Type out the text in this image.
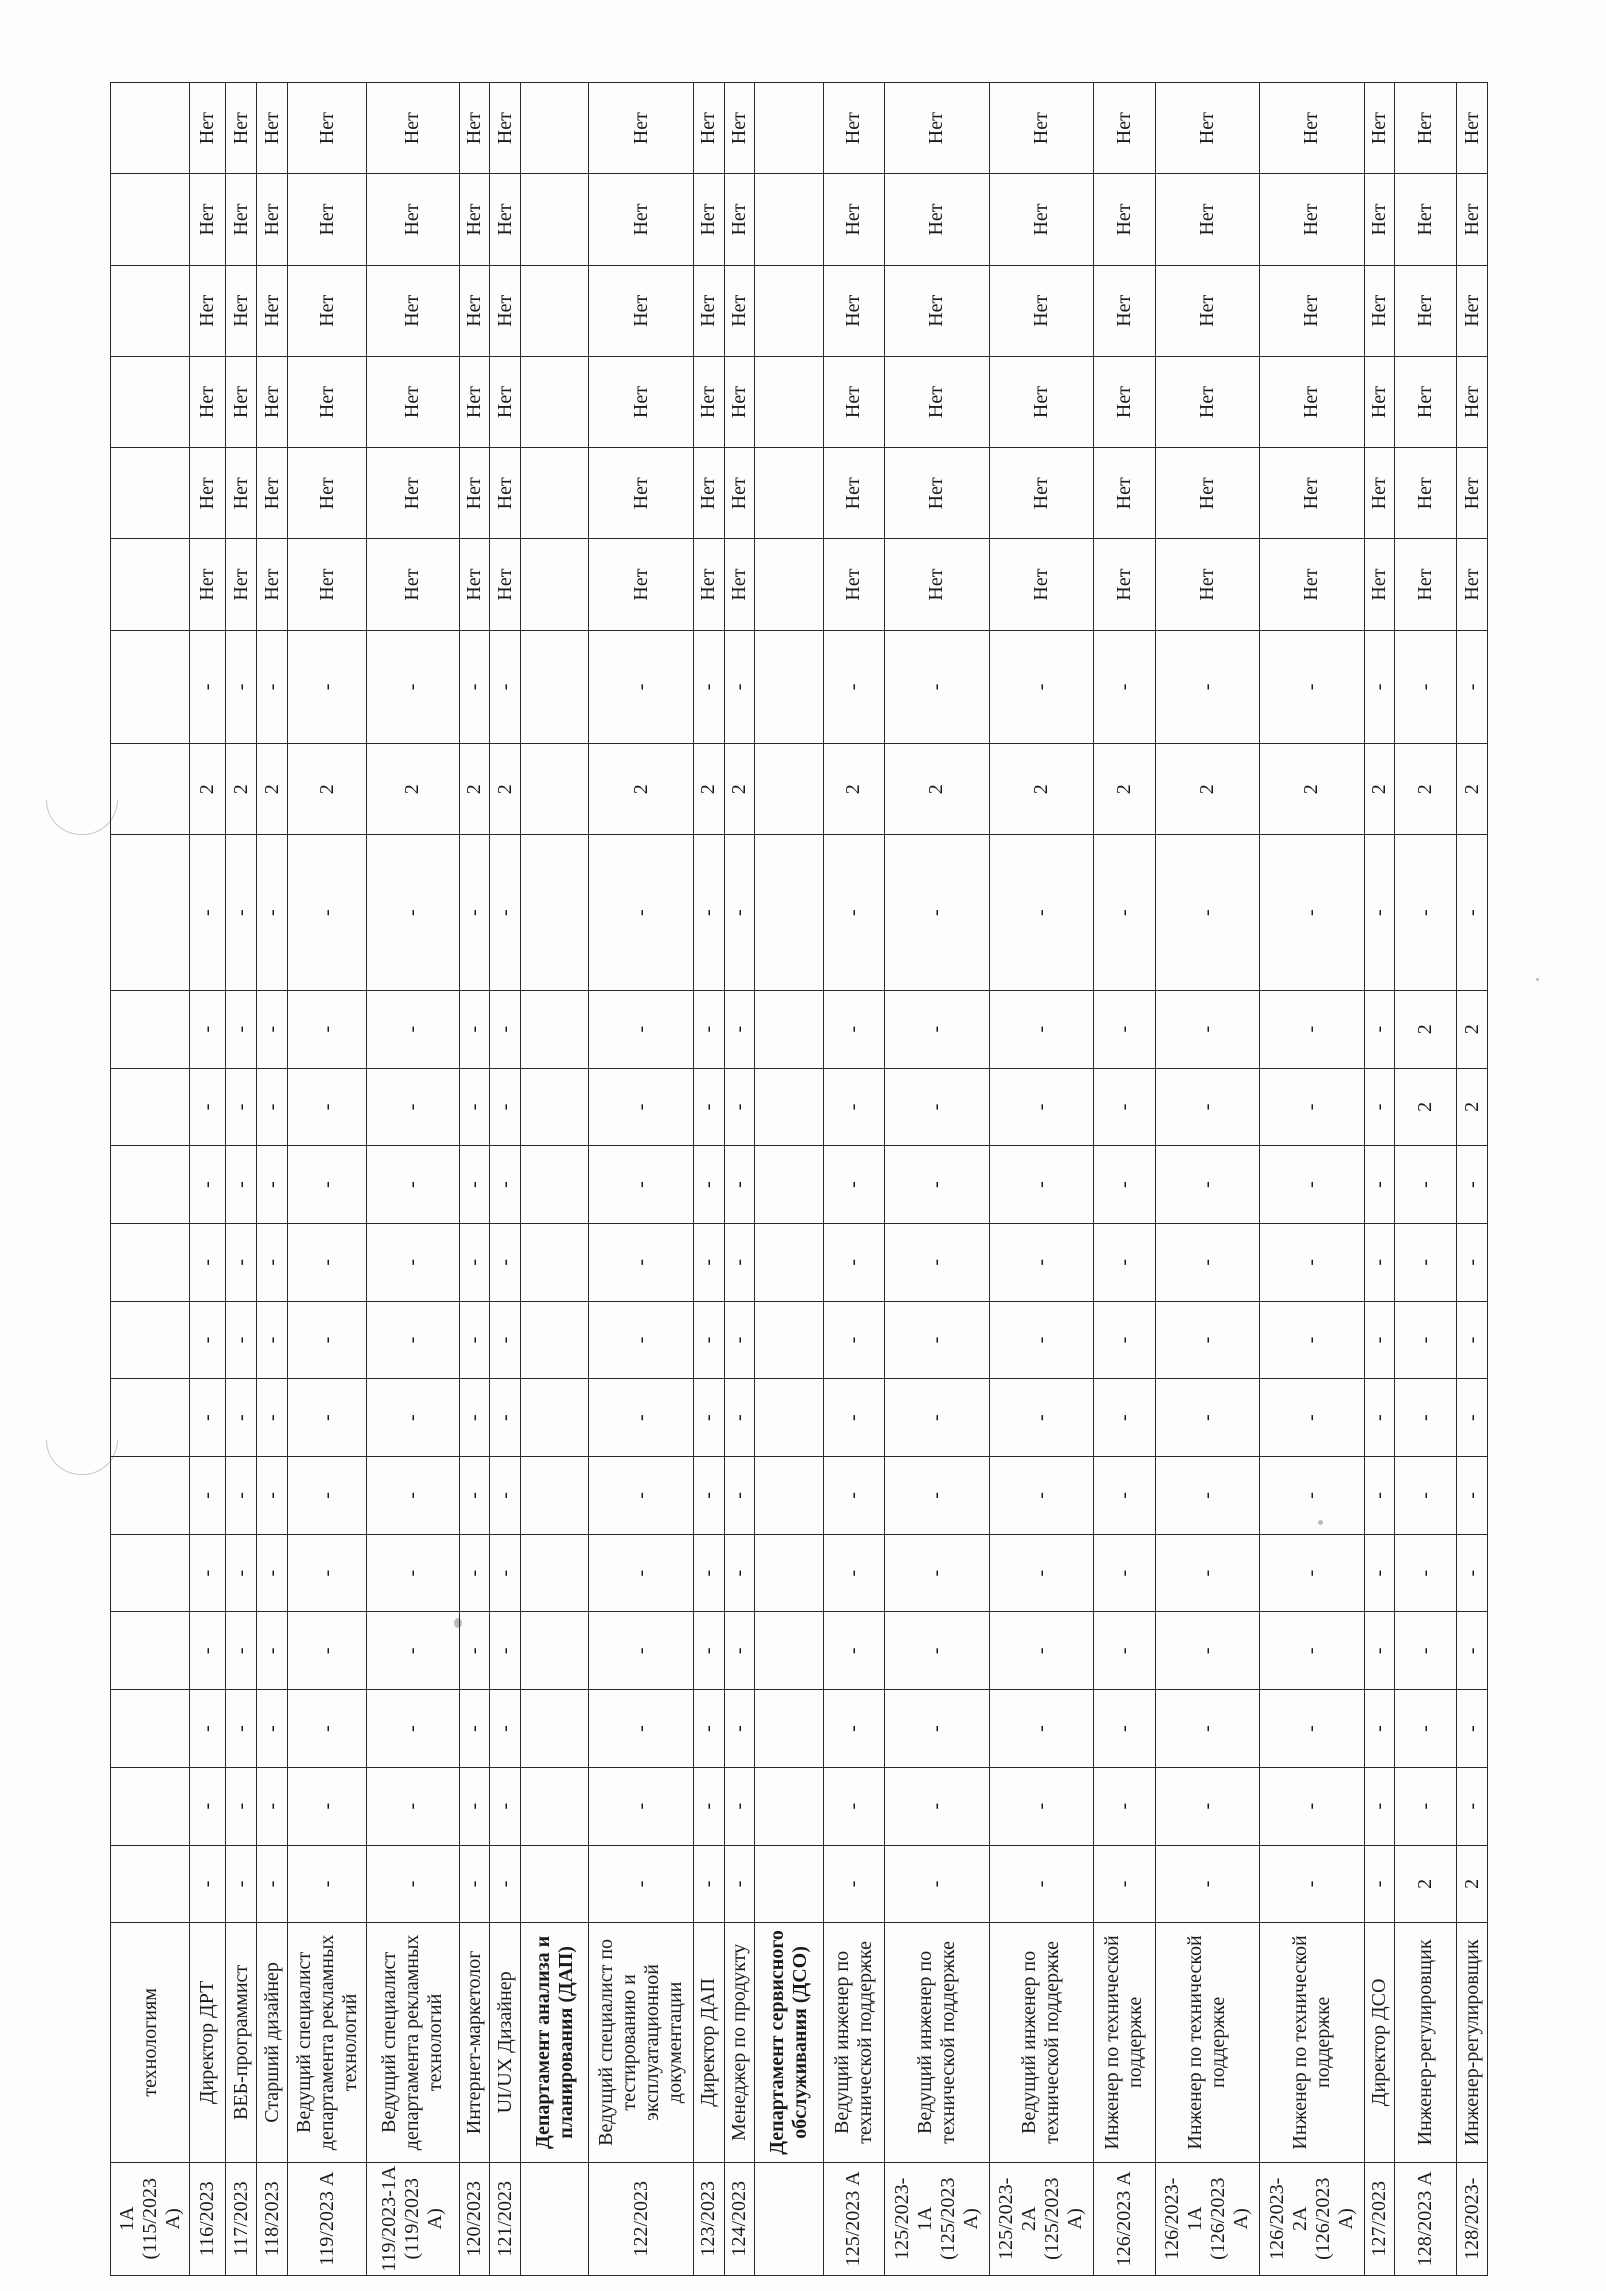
1А (115/2023 А)	технологиям																					
116/2023	Директор ДРТ	-	-	-	-	-	-	-	-	-	-	-	-	-	2	-	Нет	Нет	Нет	Нет	Нет	Нет
117/2023	ВЕБ-программист	-	-	-	-	-	-	-	-	-	-	-	-	-	2	-	Нет	Нет	Нет	Нет	Нет	Нет
118/2023	Старший дизайнер	-	-	-	-	-	-	-	-	-	-	-	-	-	2	-	Нет	Нет	Нет	Нет	Нет	Нет
119/2023 А	Ведущий специалист департамента рекламных технологий	-	-	-	-	-	-	-	-	-	-	-	-	-	2	-	Нет	Нет	Нет	Нет	Нет	Нет
119/2023-1А (119/2023 А)	Ведущий специалист департамента рекламных технологий	-	-	-	-	-	-	-	-	-	-	-	-	-	2	-	Нет	Нет	Нет	Нет	Нет	Нет
120/2023	Интернет-маркетолог	-	-	-	-	-	-	-	-	-	-	-	-	-	2	-	Нет	Нет	Нет	Нет	Нет	Нет
121/2023	UI/UX Дизайнер	-	-	-	-	-	-	-	-	-	-	-	-	-	2	-	Нет	Нет	Нет	Нет	Нет	Нет
	Департамент анализа и планирования (ДАП)																					
122/2023	Ведущий специалист по тестированию и эксплуатационной документации	-	-	-	-	-	-	-	-	-	-	-	-	-	2	-	Нет	Нет	Нет	Нет	Нет	Нет
123/2023	Директор ДАП	-	-	-	-	-	-	-	-	-	-	-	-	-	2	-	Нет	Нет	Нет	Нет	Нет	Нет
124/2023	Менеджер по продукту	-	-	-	-	-	-	-	-	-	-	-	-	-	2	-	Нет	Нет	Нет	Нет	Нет	Нет
	Департамент сервисного обслуживания (ДСО)																					
125/2023 А	Ведущий инженер по технической поддержке	-	-	-	-	-	-	-	-	-	-	-	-	-	2	-	Нет	Нет	Нет	Нет	Нет	Нет
125/2023-1А (125/2023 А)	Ведущий инженер по технической поддержке	-	-	-	-	-	-	-	-	-	-	-	-	-	2	-	Нет	Нет	Нет	Нет	Нет	Нет
125/2023-2А (125/2023 А)	Ведущий инженер по технической поддержке	-	-	-	-	-	-	-	-	-	-	-	-	-	2	-	Нет	Нет	Нет	Нет	Нет	Нет
126/2023 А	Инженер по технической поддержке	-	-	-	-	-	-	-	-	-	-	-	-	-	2	-	Нет	Нет	Нет	Нет	Нет	Нет
126/2023-1А (126/2023 А)	Инженер по технической поддержке	-	-	-	-	-	-	-	-	-	-	-	-	-	2	-	Нет	Нет	Нет	Нет	Нет	Нет
126/2023-2А (126/2023 А)	Инженер по технической поддержке	-	-	-	-	-	-	-	-	-	-	-	-	-	2	-	Нет	Нет	Нет	Нет	Нет	Нет
127/2023	Директор ДСО	-	-	-	-	-	-	-	-	-	-	-	-	-	2	-	Нет	Нет	Нет	Нет	Нет	Нет
128/2023 А	Инженер-регулировщик	2	-	-	-	-	-	-	-	-	-	2	2	-	2	-	Нет	Нет	Нет	Нет	Нет	Нет
128/2023-	Инженер-регулировщик	2	-	-	-	-	-	-	-	-	-	2	2	-	2	-	Нет	Нет	Нет	Нет	Нет	Нет
